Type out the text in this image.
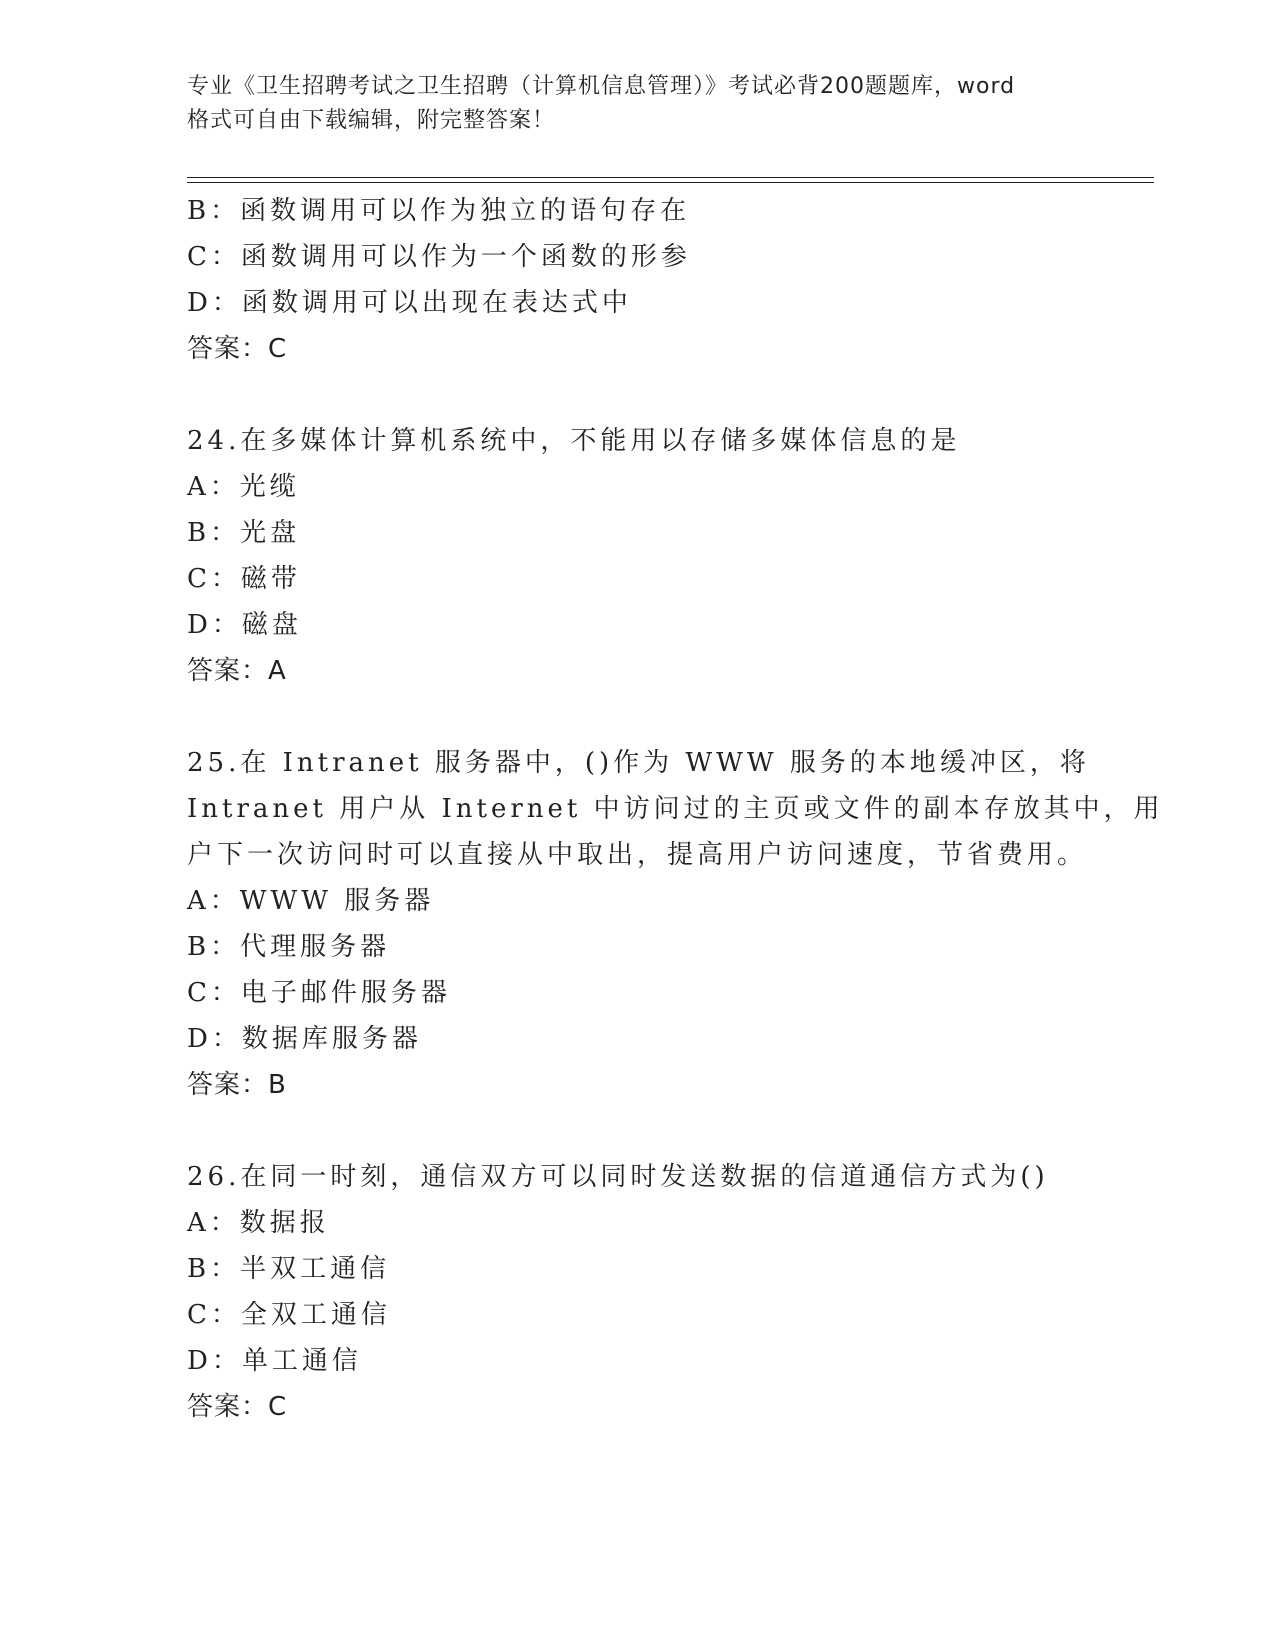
专业《卫生招聘考试之卫生招聘（计算机信息管理）》考试必背200题题库，word
格式可自由下载编辑，附完整答案！
B：函数调用可以作为独立的语句存在
C：函数调用可以作为一个函数的形参
D：函数调用可以出现在表达式中
答案：C
24.在多媒体计算机系统中，不能用以存储多媒体信息的是
A：光缆
B：光盘
C：磁带
D：磁盘
答案：A
25.在 Intranet 服务器中，()作为 WWW 服务的本地缓冲区，将
Intranet 用户从 Internet 中访问过的主页或文件的副本存放其中，用
户下一次访问时可以直接从中取出，提高用户访问速度，节省费用。
A：WWW 服务器
B：代理服务器
C：电子邮件服务器
D：数据库服务器
答案：B
26.在同一时刻，通信双方可以同时发送数据的信道通信方式为()
A：数据报
B：半双工通信
C：全双工通信
D：单工通信
答案：C
